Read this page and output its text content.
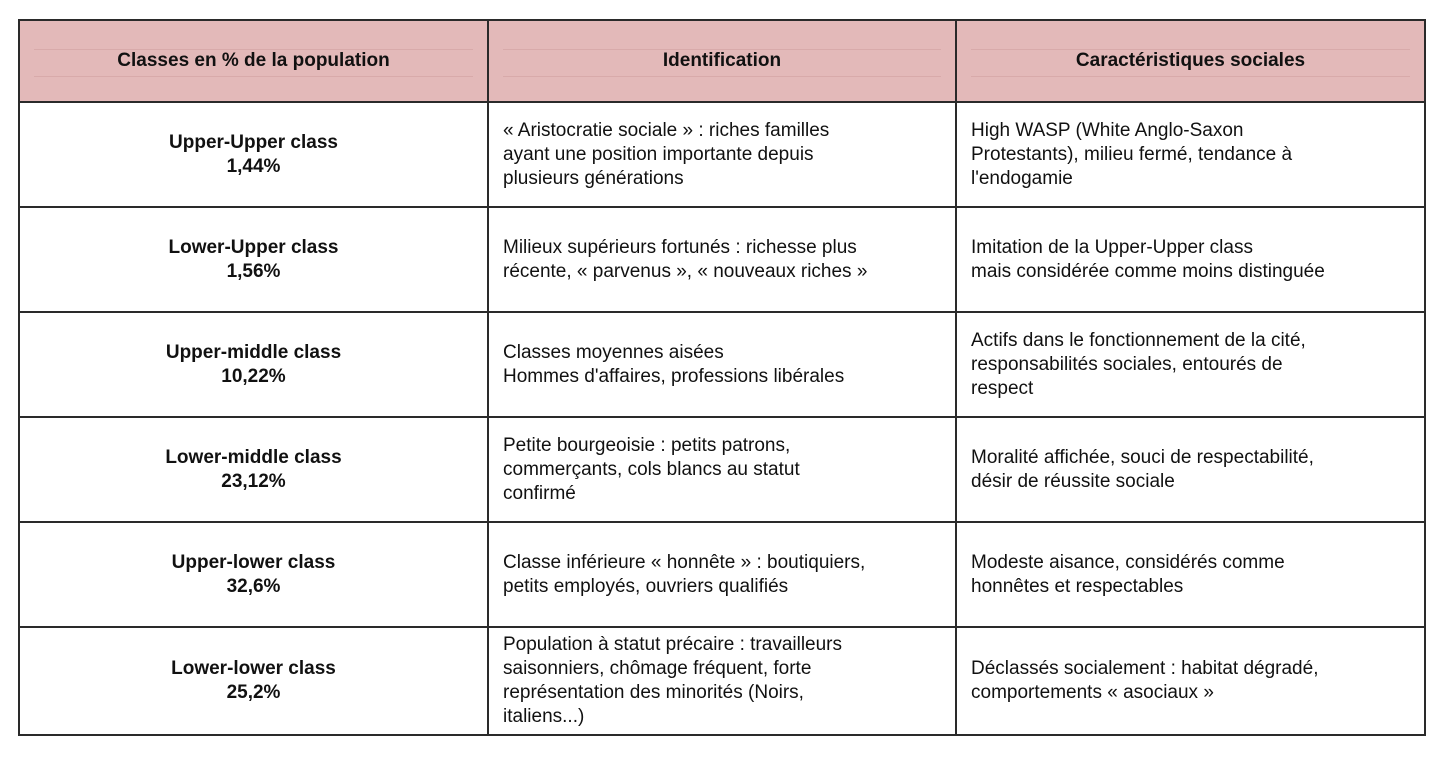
Classes en % de la population	Identification	Caractéristiques sociales

Upper-Upper class
1,44%	« Aristocratie sociale » : riches familles
ayant une position importante depuis
plusieurs générations	High WASP (White Anglo-Saxon
Protestants), milieu fermé, tendance à
l'endogamie

Lower-Upper class
1,56%	Milieux supérieurs fortunés : richesse plus
récente, « parvenus », « nouveaux riches »	Imitation de la Upper-Upper class
mais considérée comme moins distinguée

Upper-middle class
10,22%	Classes moyennes aisées
Hommes d'affaires, professions libérales	Actifs dans le fonctionnement de la cité,
responsabilités sociales, entourés de
respect

Lower-middle class
23,12%	Petite bourgeoisie : petits patrons,
commerçants, cols blancs au statut
confirmé	Moralité affichée, souci de respectabilité,
désir de réussite sociale

Upper-lower class
32,6%	Classe inférieure « honnête » : boutiquiers,
petits employés, ouvriers qualifiés	Modeste aisance, considérés comme
honnêtes et respectables

Lower-lower class
25,2%	Population à statut précaire : travailleurs
saisonniers, chômage fréquent, forte
représentation des minorités (Noirs,
italiens...)	Déclassés socialement : habitat dégradé,
comportements « asociaux »
